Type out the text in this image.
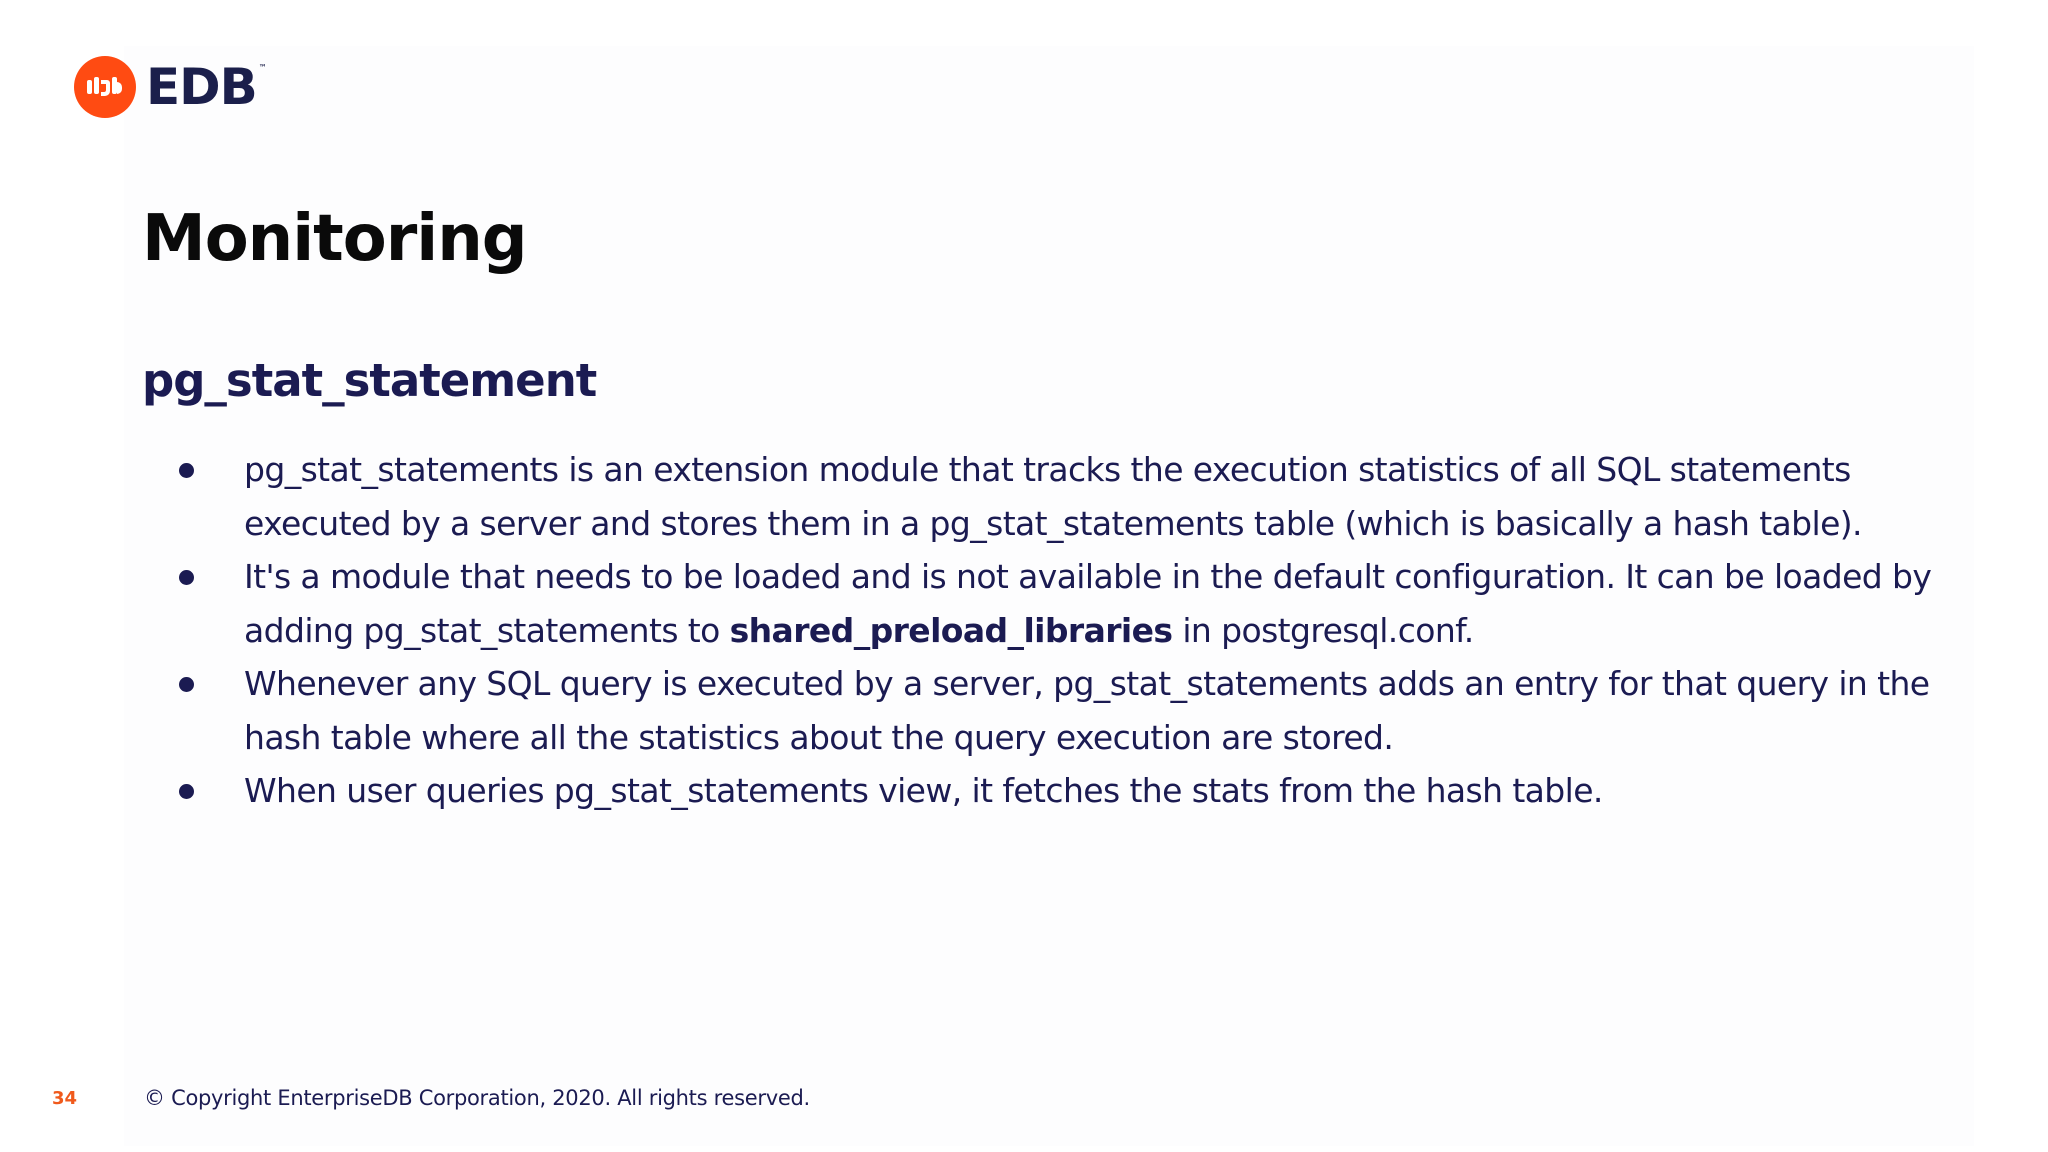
EDB ™
Monitoring
pg_stat_statement
pg_stat_statements is an extension module that tracks the execution statistics of all SQL statements executed by a server and stores them in a pg_stat_statements table (which is basically a hash table).
It's a module that needs to be loaded and is not available in the default configuration. It can be loaded by adding pg_stat_statements to shared_preload_libraries in postgresql.conf.
Whenever any SQL query is executed by a server, pg_stat_statements adds an entry for that query in the hash table where all the statistics about the query execution are stored.
When user queries pg_stat_statements view, it fetches the stats from the hash table.
34	© Copyright EnterpriseDB Corporation, 2020. All rights reserved.
